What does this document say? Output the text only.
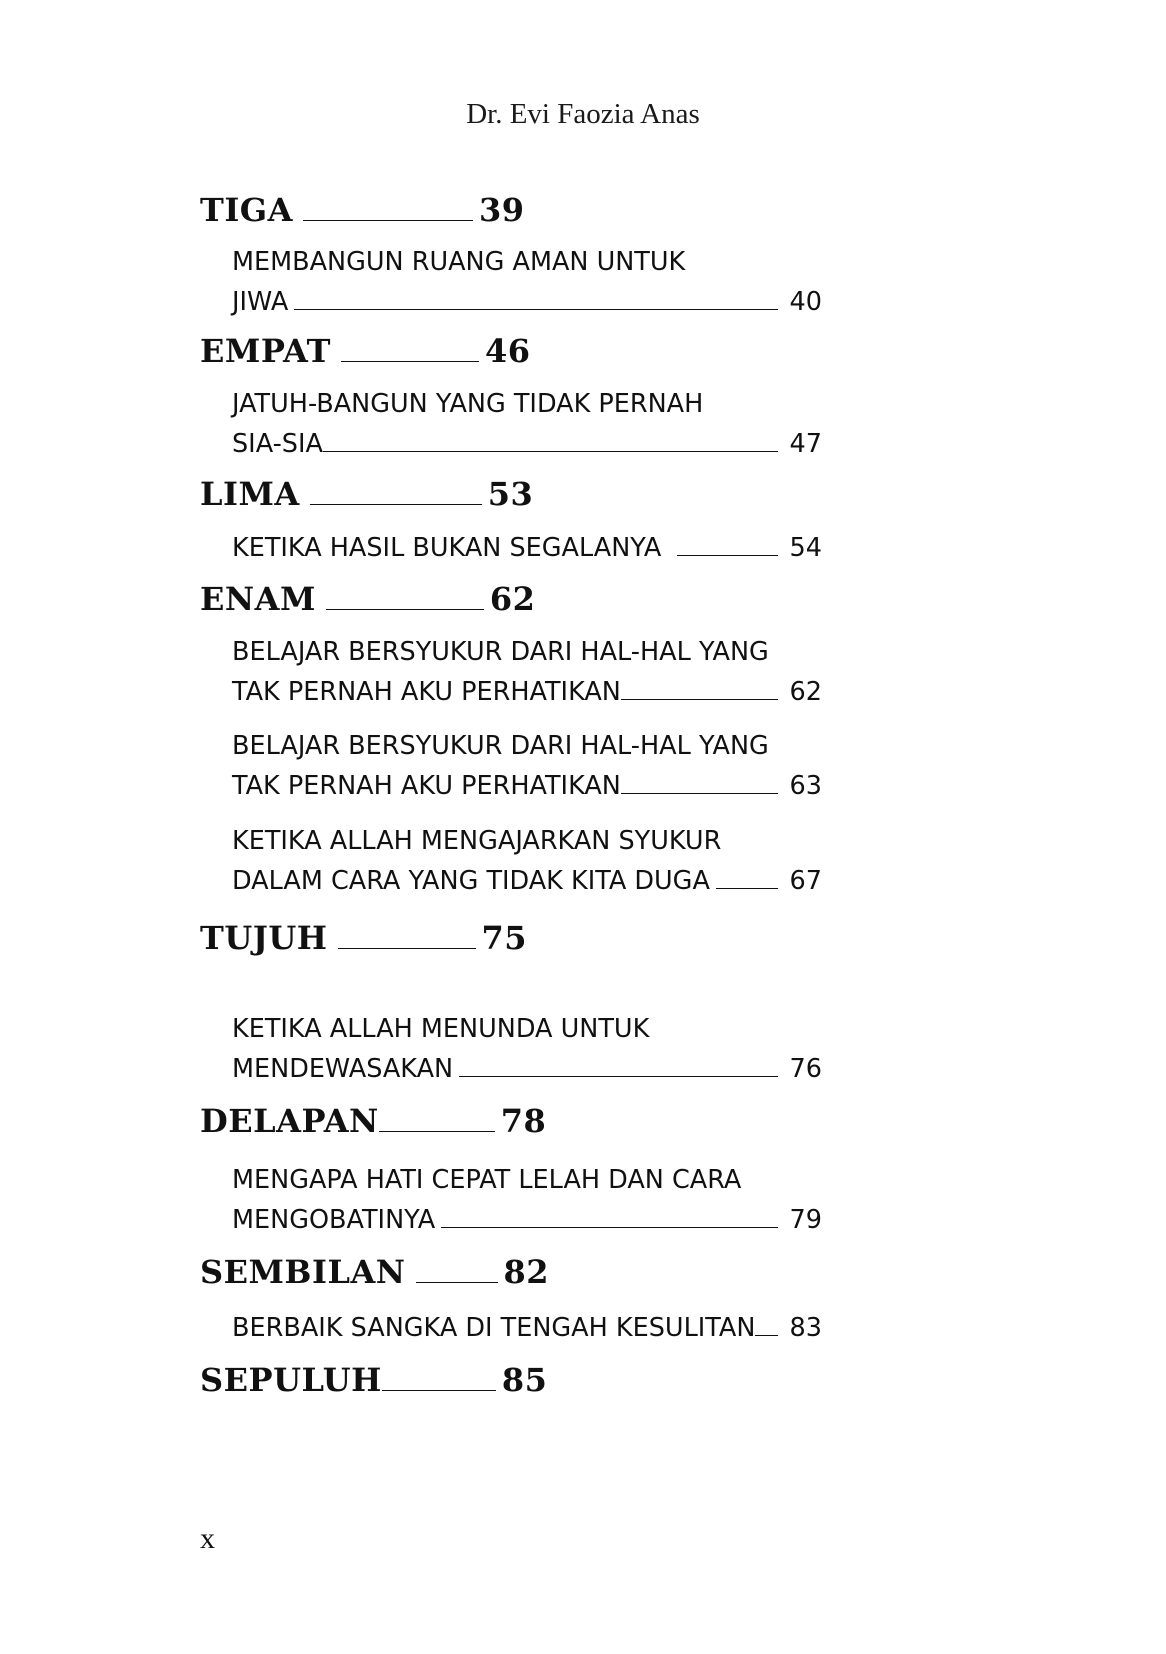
Dr. Evi Faozia Anas
TIGA	39
MEMBANGUN RUANG AMAN UNTUK
JIWA	40
EMPAT	46
JATUH-BANGUN YANG TIDAK PERNAH
SIA-SIA	47
LIMA	53
KETIKA HASIL BUKAN SEGALANYA	54
ENAM	62
BELAJAR BERSYUKUR DARI HAL-HAL YANG
TAK PERNAH AKU PERHATIKAN	62
BELAJAR BERSYUKUR DARI HAL-HAL YANG
TAK PERNAH AKU PERHATIKAN	63
KETIKA ALLAH MENGAJARKAN SYUKUR
DALAM CARA YANG TIDAK KITA DUGA	67
TUJUH	75
KETIKA ALLAH MENUNDA UNTUK
MENDEWASAKAN	76
DELAPAN	78
MENGAPA HATI CEPAT LELAH DAN CARA
MENGOBATINYA	79
SEMBILAN	82
BERBAIK SANGKA DI TENGAH KESULITAN 83
SEPULUH	85
x
